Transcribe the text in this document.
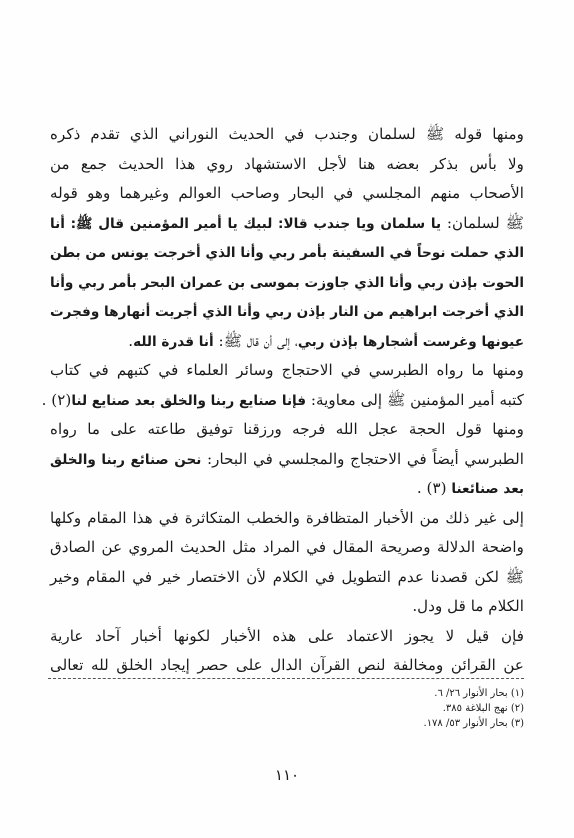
ومنها قوله ﷺ لسلمان وجندب في الحديث النوراني الذي تقدم ذكره
ولا بأس بذكر بعضه هنا لأجل الاستشهاد روي هذا الحديث جمع من
الأصحاب منهم المجلسي في البحار وصاحب العوالم وغيرهما وهو قوله
ﷺ لسلمان: يا سلمان ويا جندب قالا: لبيك يا أمير المؤمنين قال ﷺ: أنا
الذي حملت نوحاً في السفينة بأمر ربي وأنا الذي أخرجت يونس من بطن
الحوت بإذن ربي وأنا الذي جاوزت بموسى بن عمران البحر بأمر ربي وأنا
الذي أخرجت ابراهيم من النار بإذن ربي وأنا الذي أجريت أنهارها وفجرت
عيونها وغرست أشجارها بإذن ربي، إلى أن قال ﷺ: أنا قدرة الله.
ومنها ما رواه الطبرسي في الاحتجاج وسائر العلماء في كتبهم في كتاب
كتبه أمير المؤمنين ﷺ إلى معاوية: فإنا صنايع ربنا والخلق بعد صنايع لنا(٢) .
ومنها قول الحجة عجل الله فرجه ورزقنا توفيق طاعته على ما رواه
الطبرسي أيضاً في الاحتجاج والمجلسي في البحار: نحن صنائع ربنا والخلق
بعد صنائعنا (٣) .
إلى غير ذلك من الأخبار المتظافرة والخطب المتكاثرة في هذا المقام وكلها
واضحة الدلالة وصريحة المقال في المراد مثل الحديث المروي عن الصادق
ﷺ لكن قصدنا عدم التطويل في الكلام لأن الاختصار خير في المقام وخير
الكلام ما قل ودل.
فإن قيل لا يجوز الاعتماد على هذه الأخبار لكونها أخبار آحاد عارية
عن القرائن ومخالفة لنص القرآن الدال على حصر إيجاد الخلق لله تعالى
(١) بحار الأنوار ٢٦/ ٦.
(٢) نهج البلاغة ٣٨٥.
(٣) بحار الأنوار ٥٣/ ١٧٨.
١١٠
